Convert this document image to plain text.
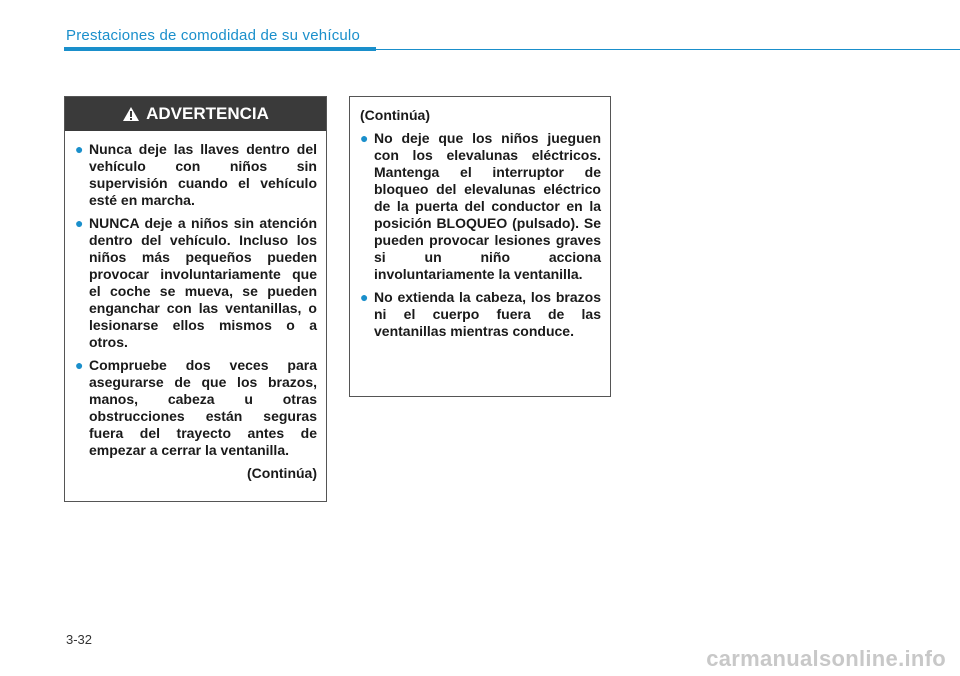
Prestaciones de comodidad de su vehículo
ADVERTENCIA
● Nunca deje las llaves dentro del vehículo con niños sin supervisión cuando el vehículo esté en marcha.
● NUNCA deje a niños sin atención dentro del vehículo. Incluso los niños más pequeños pueden provocar involuntariamente que el coche se mueva, se pueden enganchar con las ventanillas, o lesionarse ellos mismos o a otros.
● Compruebe dos veces para asegurarse de que los brazos, manos, cabeza u otras obstrucciones están seguras fuera del trayecto antes de empezar a cerrar la ventanilla.
(Continúa)
(Continúa)
● No deje que los niños jueguen con los elevalunas eléctricos. Mantenga el interruptor de bloqueo del elevalunas eléctrico de la puerta del conductor en la posición BLOQUEO (pulsado). Se pueden provocar lesiones graves si un niño acciona involuntariamente la ventanilla.
● No extienda la cabeza, los brazos ni el cuerpo fuera de las ventanillas mientras conduce.
3-32
carmanualsonline.info
